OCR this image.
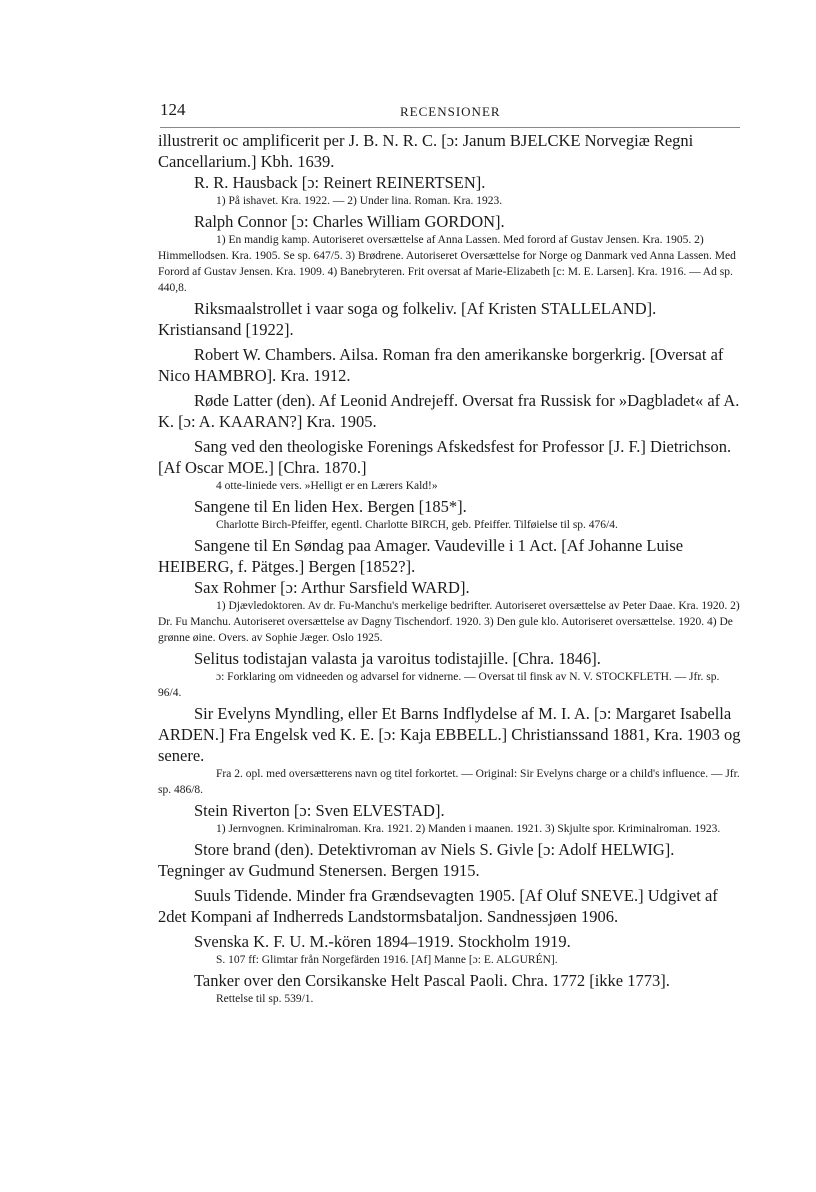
124	RECENSIONER

illustrerit oc amplificerit per J. B. N. R. C. [ɔ: Janum BJELCKE Norvegiæ Regni Cancellarium.] Kbh. 1639.

R. R. Hausback [ɔ: Reinert REINERTSEN].

1) På ishavet. Kra. 1922. — 2) Under lina. Roman. Kra. 1923.

Ralph Connor [ɔ: Charles William GORDON].

1) En mandig kamp. Autoriseret oversættelse af Anna Lassen. Med forord af Gustav Jensen. Kra. 1905. 2) Himmellodsen. Kra. 1905. Se sp. 647/5. 3) Brødrene. Autoriseret Oversættelse for Norge og Danmark ved Anna Lassen. Med Forord af Gustav Jensen. Kra. 1909. 4) Banebryteren. Frit oversat af Marie-Elizabeth [c: M. E. Larsen]. Kra. 1916. — Ad sp. 440,8.

Riksmaalstrollet i vaar soga og folkeliv. [Af Kristen STALLELAND]. Kristiansand [1922].

Robert W. Chambers. Ailsa. Roman fra den amerikanske borgerkrig. [Oversat af Nico HAMBRO]. Kra. 1912.

Røde Latter (den). Af Leonid Andrejeff. Oversat fra Russisk for »Dagbladet« af A. K. [ɔ: A. KAARAN?] Kra. 1905.

Sang ved den theologiske Forenings Afskedsfest for Professor [J. F.] Dietrichson. [Af Oscar MOE.] [Chra. 1870.]

4 otte-liniede vers. »Helligt er en Lærers Kald!»

Sangene til En liden Hex. Bergen [185*].

Charlotte Birch-Pfeiffer, egentl. Charlotte BIRCH, geb. Pfeiffer. Tilføielse til sp. 476/4.

Sangene til En Søndag paa Amager. Vaudeville i 1 Act. [Af Johanne Luise HEIBERG, f. Pätges.] Bergen [1852?].

Sax Rohmer [ɔ: Arthur Sarsfield WARD].

1) Djævledoktoren. Av dr. Fu-Manchu's merkelige bedrifter. Autoriseret oversættelse av Peter Daae. Kra. 1920. 2) Dr. Fu Manchu. Autoriseret oversættelse av Dagny Tischendorf. 1920. 3) Den gule klo. Autoriseret oversættelse. 1920. 4) De grønne øine. Overs. av Sophie Jæger. Oslo 1925.

Selitus todistajan valasta ja varoitus todistajille. [Chra. 1846].

ɔ: Forklaring om vidneeden og advarsel for vidnerne. — Oversat til finsk av N. V. STOCKFLETH. — Jfr. sp. 96/4.

Sir Evelyns Myndling, eller Et Barns Indflydelse af M. I. A. [ɔ: Margaret Isabella ARDEN.] Fra Engelsk ved K. E. [ɔ: Kaja EBBELL.] Christianssand 1881, Kra. 1903 og senere.

Fra 2. opl. med oversætterens navn og titel forkortet. — Original: Sir Evelyns charge or a child's influence. — Jfr. sp. 486/8.

Stein Riverton [ɔ: Sven ELVESTAD].

1) Jernvognen. Kriminalroman. Kra. 1921. 2) Manden i maanen. 1921. 3) Skjulte spor. Kriminalroman. 1923.

Store brand (den). Detektivroman av Niels S. Givle [ɔ: Adolf HELWIG]. Tegninger av Gudmund Stenersen. Bergen 1915.

Suuls Tidende. Minder fra Grændsevagten 1905. [Af Oluf SNEVE.] Udgivet af 2det Kompani af Indherreds Landstormsbataljon. Sandnessjøen 1906.

Svenska K. F. U. M.-kören 1894–1919. Stockholm 1919.

S. 107 ff: Glimtar från Norgefärden 1916. [Af] Manne [ɔ: E. ALGURÉN].

Tanker over den Corsikanske Helt Pascal Paoli. Chra. 1772 [ikke 1773].

Rettelse til sp. 539/1.
